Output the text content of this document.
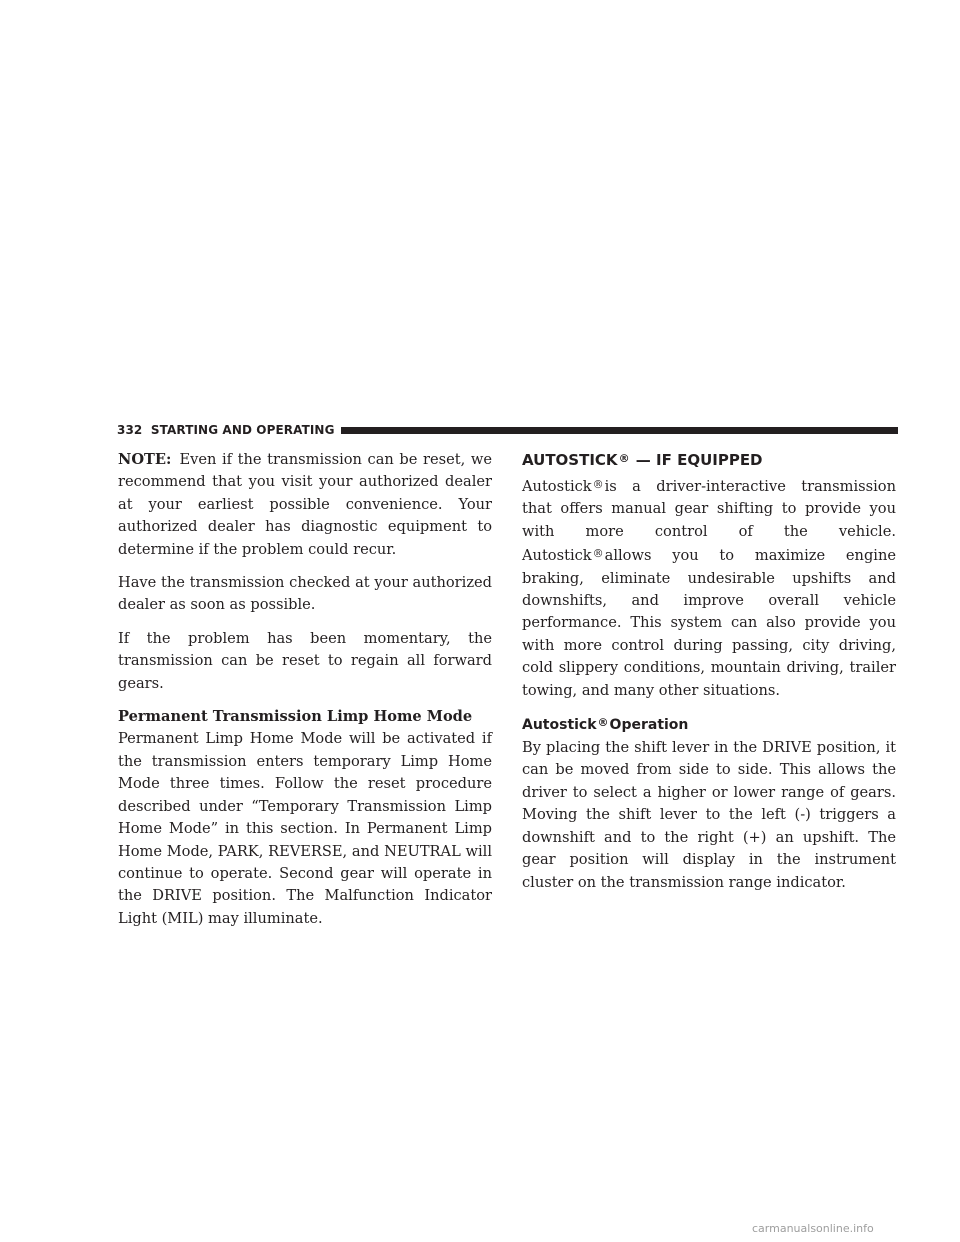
332 STARTING AND OPERATING

NOTE: Even if the transmission can be reset, we recommend that you visit your authorized dealer at your earliest possible convenience. Your authorized dealer has diagnostic equipment to determine if the problem could recur.

Have the transmission checked at your authorized dealer as soon as possible.

If the problem has been momentary, the transmission can be reset to regain all forward gears.

Permanent Transmission Limp Home Mode

Permanent Limp Home Mode will be activated if the transmission enters temporary Limp Home Mode three times. Follow the reset procedure described under “Temporary Transmission Limp Home Mode” in this section. In Permanent Limp Home Mode, PARK, REVERSE, and NEUTRAL will continue to operate. Second gear will operate in the DRIVE position. The Malfunction Indicator Light (MIL) may illuminate.

AUTOSTICK® — IF EQUIPPED

Autostick®is a driver-interactive transmission that offers manual gear shifting to provide you with more control of the vehicle. Autostick®allows you to maximize engine braking, eliminate undesirable upshifts and downshifts, and improve overall vehicle performance. This system can also provide you with more control during passing, city driving, cold slippery conditions, mountain driving, trailer towing, and many other situations.

Autostick®Operation

By placing the shift lever in the DRIVE position, it can be moved from side to side. This allows the driver to select a higher or lower range of gears. Moving the shift lever to the left (-) triggers a downshift and to the right (+) an upshift. The gear position will display in the instrument cluster on the transmission range indicator.

carmanualsonline.info
